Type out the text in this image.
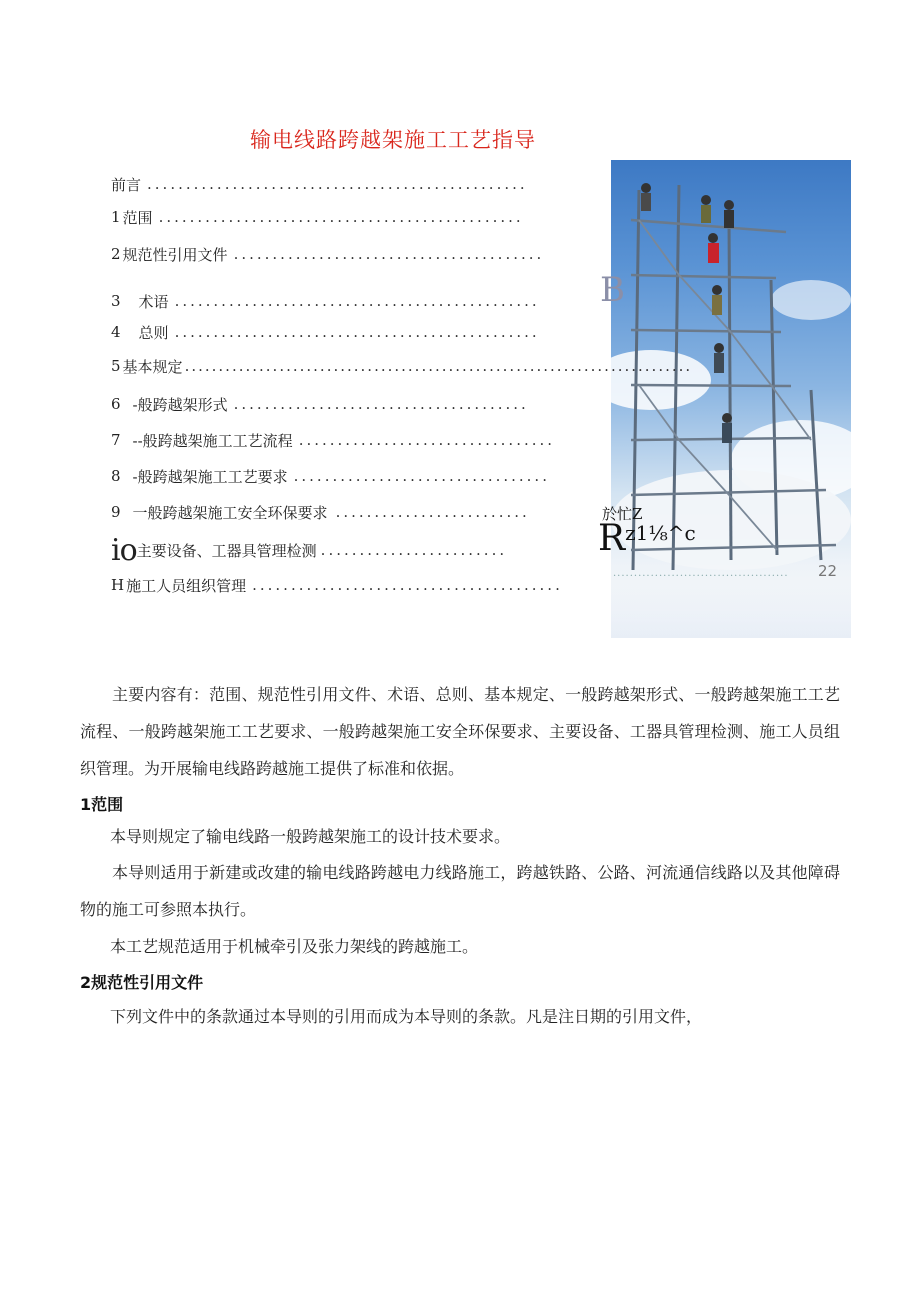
输电线路跨越架施工工艺指导
前言 .................................................
1 范围 ...............................................
2 规范性引用文件 ........................................
3 术语 ...............................................
4 总则 ...............................................
5 基本规定 ...........................................................................
6 -般跨越架形式 ......................................
7 --般跨越架施工工艺流程 .................................
8 -般跨越架施工工艺要求 .................................
9 一般跨越架施工安全环保要求 .........................
io 主要设备、工器具管理检测 ........................
H 施工人员组织管理 ........................................
B
於忙Z
$R^{z1\frac{1}{8}\^{}c}$
.......................................... 22

主要内容有：范围、规范性引用文件、术语、总则、基本规定、一般跨越架形式、一般跨越架施工工艺流程、一般跨越架施工工艺要求、一般跨越架施工安全环保要求、主要设备、工器具管理检测、施工人员组织管理。为开展输电线路跨越施工提供了标准和依据。

1范围
本导则规定了输电线路一般跨越架施工的设计技术要求。

本导则适用于新建或改建的输电线路跨越电力线路施工，跨越铁路、公路、河流通信线路以及其他障碍物的施工可参照本执行。

本工艺规范适用于机械牵引及张力架线的跨越施工。
2规范性引用文件
下列文件中的条款通过本导则的引用而成为本导则的条款。凡是注日期的引用文件，
